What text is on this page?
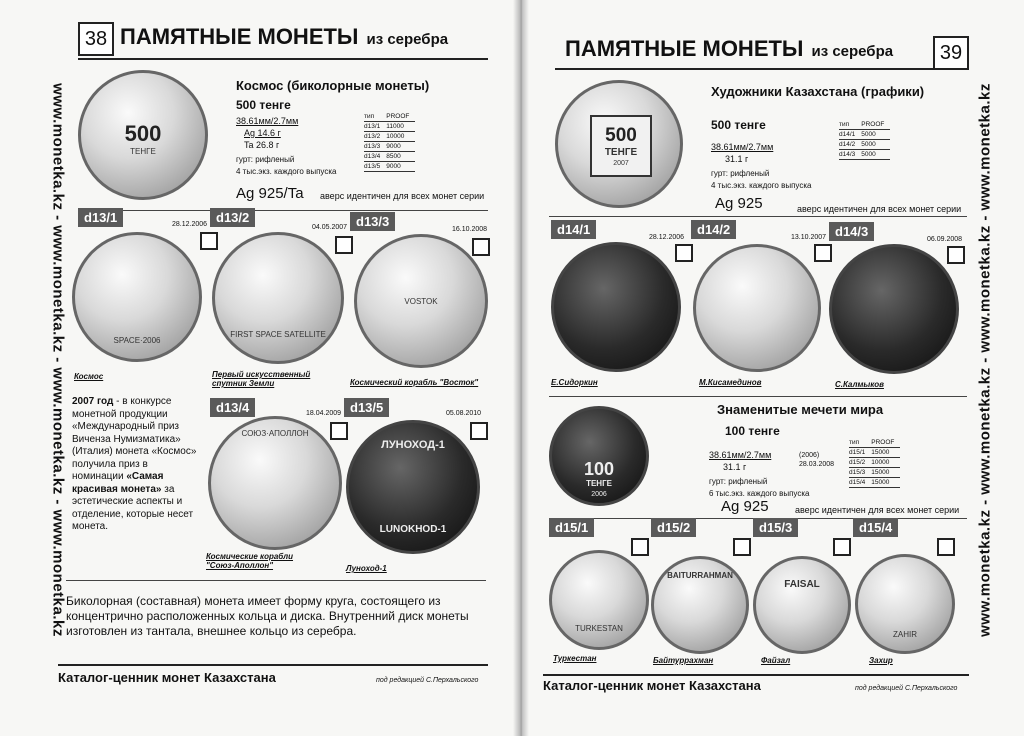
www.monetka.kz - www.monetka.kz - www.monetka.kz - www.monetka.kz
38 ПАМЯТНЫЕ МОНЕТЫ из серебра
500
ТЕНГЕ
Космос (биколорные монеты)
500 тенге
38.61мм/2.7мм
Ag 14.6 г
Ta 26.8 г
гурт: рифленый
4 тыс.экз. каждого выпуска
тип	PROOF
d13/1	11000
d13/2	10000
d13/3	9000
d13/4	8500
d13/5	9000
Ag 925/Ta аверс идентичен для всех монет серии
d13/1	28.12.2006
SPACE·2006
Космос
d13/2
04.05.2007
FIRST SPACE SATELLITE
Первый искусственный спутник Земли
d13/3
16.10.2008
VOSTOK
Космический корабль "Восток"
2007 год - в конкурсе монетной продукции «Международный приз Виченза Нумизматика» (Италия) монета «Космос» получила приз в номинации «Самая красивая монета» за эстетические аспекты и отделение, которые несет монета.
d13/4	18.04.2009
СОЮЗ·АПОЛЛОН
Космические корабли "Союз-Аполлон"
d13/5	05.08.2010
ЛУНОХОД-1
LUNOKHOD-1
Луноход-1
Биколорная (составная) монета имеет форму круга, состоящего из концентрично расположенных кольца и диска. Внутренний диск монеты изготовлен из тантала, внешнее кольцо из серебра.
Каталог-ценник монет Казахстана	под редакцией С.Перхальского
39
ПАМЯТНЫЕ МОНЕТЫ из серебра
500
ТЕНГЕ
2007
Художники Казахстана (графики)
500 тенге
38.61мм/2.7мм
31.1 г
гурт: рифленый
4 тыс.экз. каждого выпуска
тип	PROOF
d14/1	5000
d14/2	5000
d14/3	5000
Ag 925	аверс идентичен для всех монет серии
d14/1
28.12.2006
Е.Сидоркин
d14/2
13.10.2007
М.Кисамединов
d14/3
06.09.2008
С.Калмыков
100
ТЕНГЕ
2006
Знаменитые мечети мира
100 тенге
38.61мм/2.7мм
31.1 г
(2006)
28.03.2008
гурт: рифленый
6 тыс.экз. каждого выпуска
тип	PROOF
d15/1	15000
d15/2	10000
d15/3	15000
d15/4	15000
Ag 925	аверс идентичен для всех монет серии
d15/1
TURKESTAN
Туркестан
d15/2
BAITURRAHMAN
Байтуррахман
d15/3
FAISAL
Файзал
d15/4
ZAHIR
Захир
Каталог-ценник монет Казахстана	под редакцией С.Перхальского
www.monetka.kz - www.monetka.kz - www.monetka.kz - www.monetka.kz
